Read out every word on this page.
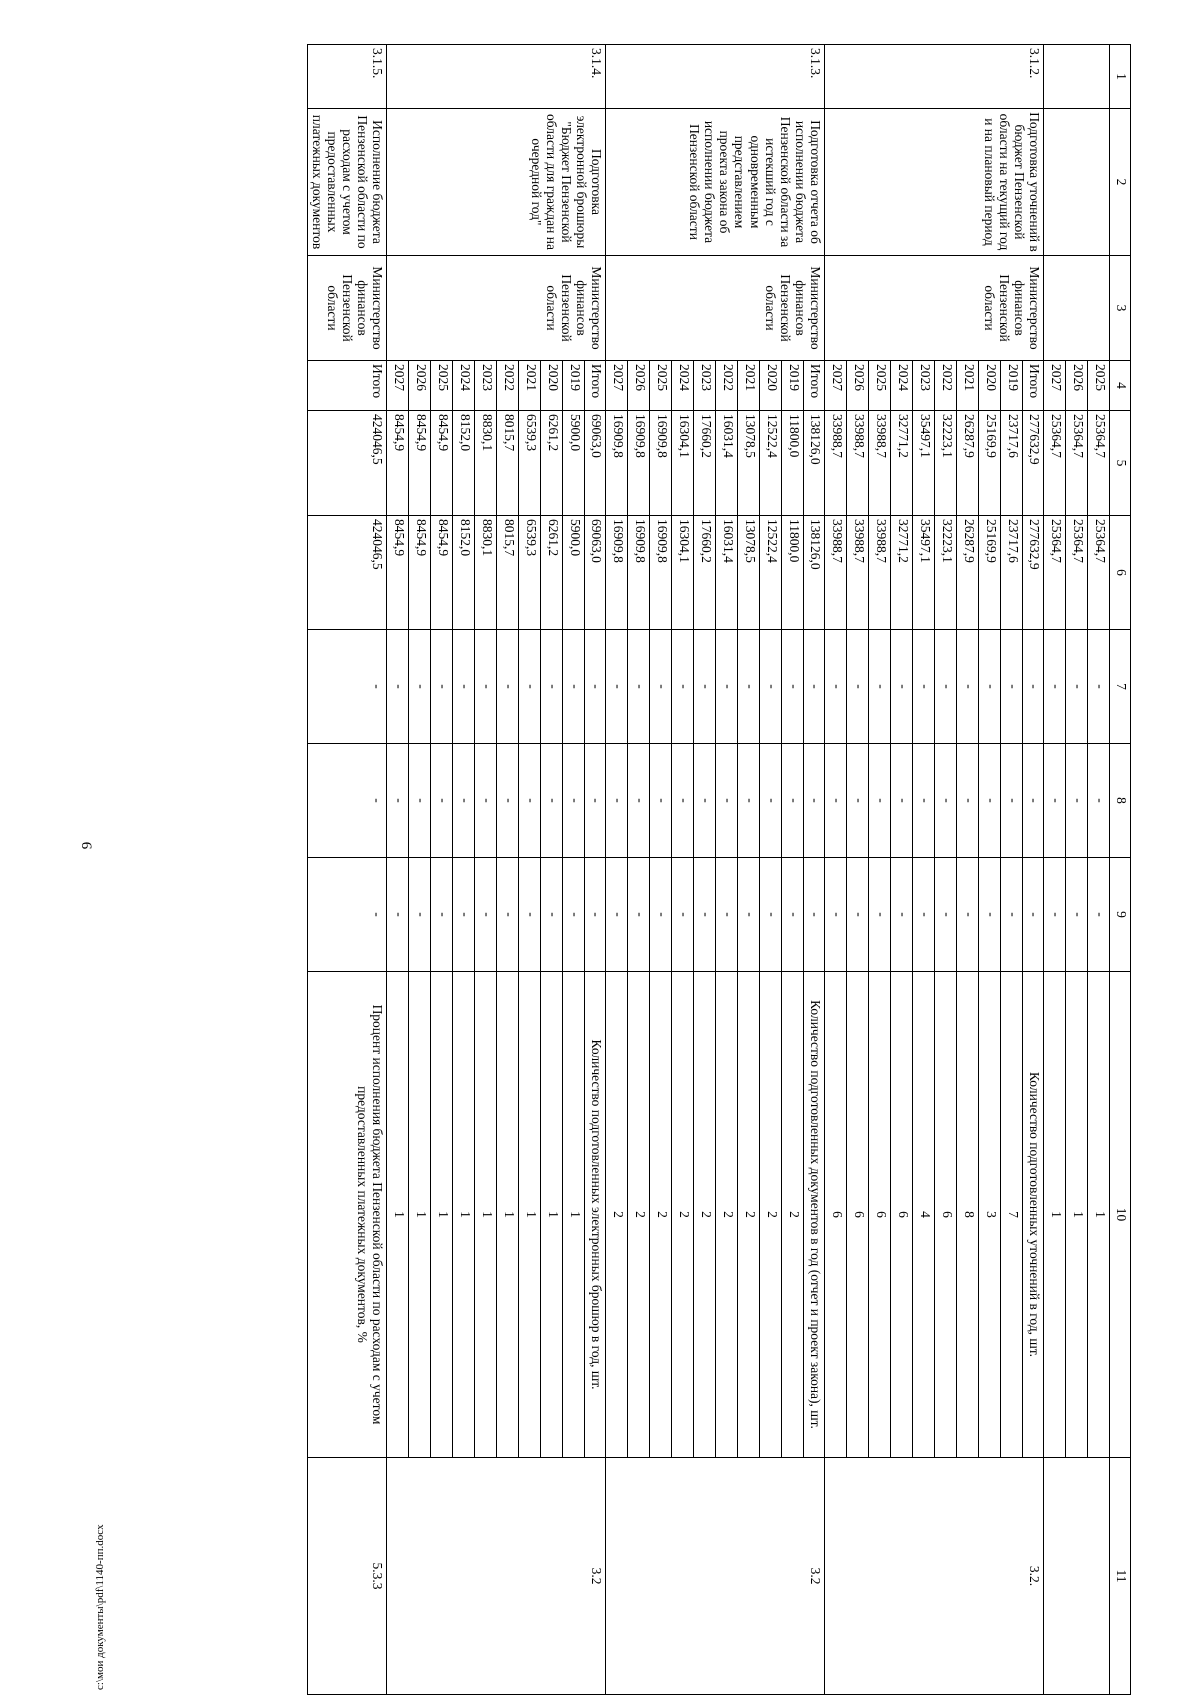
9
c:\мои документы\pdf\1140-пп.docx
1	2	3	4	5	6	7	8	9	10	11
			2025	25364,7	25364,7	-	-	-	1	
			2026	25364,7	25364,7	-	-	-	1	
			2027	25364,7	25364,7	-	-	-	1	
3.1.2.	Подготовка уточнений в бюджет Пензенской области на текущий год и на плановый период	Министерство финансов Пензенской области	Итого	277632,9	277632,9	-	-	-	Количество подготовленных уточнений в год, шт.	3.2.
			2019	23717,6	23717,6	-	-	-	7	
			2020	25169,9	25169,9	-	-	-	3	
			2021	26287,9	26287,9	-	-	-	8	
			2022	32223,1	32223,1	-	-	-	6	
			2023	35497,1	35497,1	-	-	-	4	
			2024	32771,2	32771,2	-	-	-	6	
			2025	33988,7	33988,7	-	-	-	6	
			2026	33988,7	33988,7	-	-	-	6	
			2027	33988,7	33988,7	-	-	-	6	
3.1.3.	Подготовка отчета об исполнении бюджета Пензенской области за истекший год с одновременным представлением проекта закона об исполнении бюджета Пензенской области	Министерство финансов Пензенской области	Итого	138126,0	138126,0	-	-	-	Количество подготовленных документов в год (отчет и проект закона), шт.	3.2
			2019	11800,0	11800,0	-	-	-	2	
			2020	12522,4	12522,4	-	-	-	2	
			2021	13078,5	13078,5	-	-	-	2	
			2022	16031,4	16031,4	-	-	-	2	
			2023	17660,2	17660,2	-	-	-	2	
			2024	16304,1	16304,1	-	-	-	2	
			2025	16909,8	16909,8	-	-	-	2	
			2026	16909,8	16909,8	-	-	-	2	
			2027	16909,8	16909,8	-	-	-	2	
3.1.4.	Подготовка электронной брошюры "Бюджет Пензенской области для граждан на очередной год"	Министерство финансов Пензенской области	Итого	69063,0	69063,0	-	-	-	Количество подготовленных электронных брошюр в год, шт.	3.2
			2019	5900,0	5900,0	-	-	-	1	
			2020	6261,2	6261,2	-	-	-	1	
			2021	6539,3	6539,3	-	-	-	1	
			2022	8015,7	8015,7	-	-	-	1	
			2023	8830,1	8830,1	-	-	-	1	
			2024	8152,0	8152,0	-	-	-	1	
			2025	8454,9	8454,9	-	-	-	1	
			2026	8454,9	8454,9	-	-	-	1	
			2027	8454,9	8454,9	-	-	-	1	
3.1.5.	Исполнение бюджета Пензенской области по расходам с учетом предоставленных платежных документов	Министерство финансов Пензенской области	Итого	424046,5	424046,5	-	-	-	Процент исполнения бюджета Пензенской области по расходам с учетом предоставленных платежных документов, %	5.3.3
